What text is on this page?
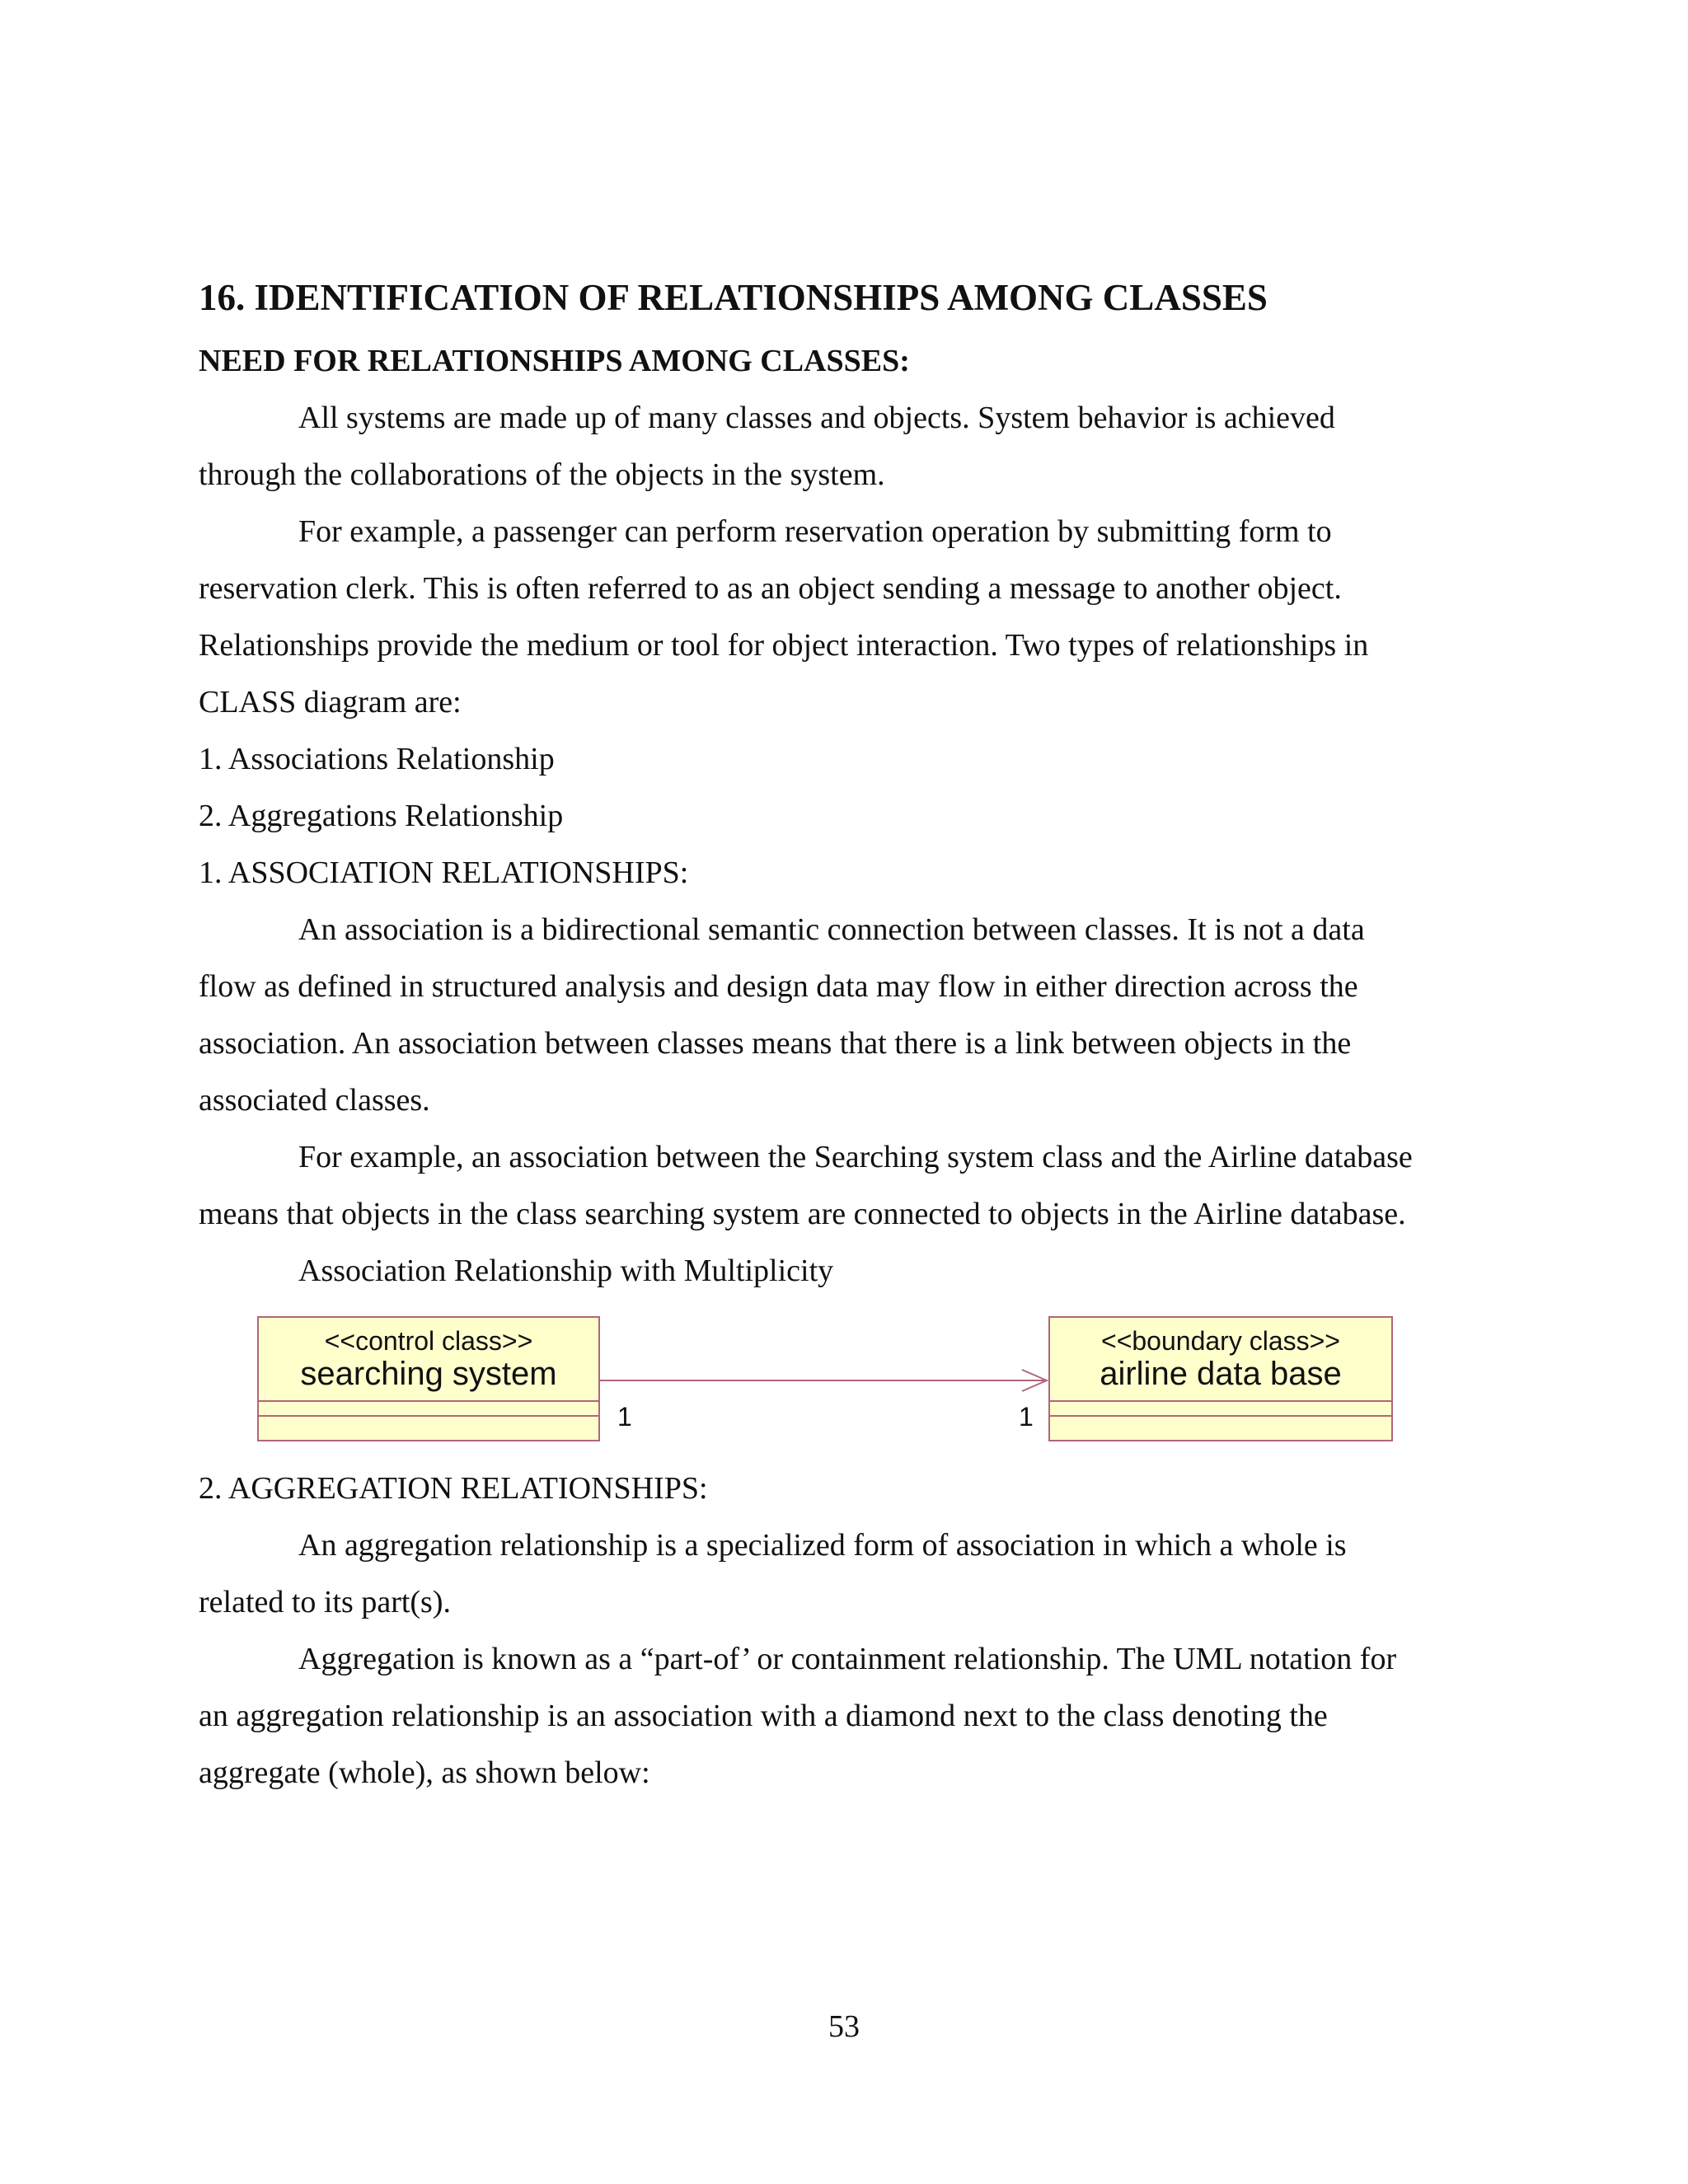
16. IDENTIFICATION OF RELATIONSHIPS AMONG CLASSES
NEED FOR RELATIONSHIPS AMONG CLASSES:
All systems are made up of many classes and objects. System behavior is achieved
through the collaborations of the objects in the system.
For example, a passenger can perform reservation operation by submitting form to
reservation clerk. This is often referred to as an object sending a message to another object.
Relationships provide the medium or tool for object interaction. Two types of relationships in
CLASS diagram are:
1. Associations Relationship
2. Aggregations Relationship
1. ASSOCIATION RELATIONSHIPS:
An association is a bidirectional semantic connection between classes. It is not a data
flow as defined in structured analysis and design data may flow in either direction across the
association. An association between classes means that there is a link between objects in the
associated classes.
For example, an association between the Searching system class and the Airline database
means that objects in the class searching system are connected to objects in the Airline database.
Association Relationship with Multiplicity
<<control class>>
searching system
<<boundary class>>
airline data base
1	1
2. AGGREGATION RELATIONSHIPS:
An aggregation relationship is a specialized form of association in which a whole is
related to its part(s).
Aggregation is known as a “part-of’ or containment relationship. The UML notation for
an aggregation relationship is an association with a diamond next to the class denoting the
aggregate (whole), as shown below:
53
